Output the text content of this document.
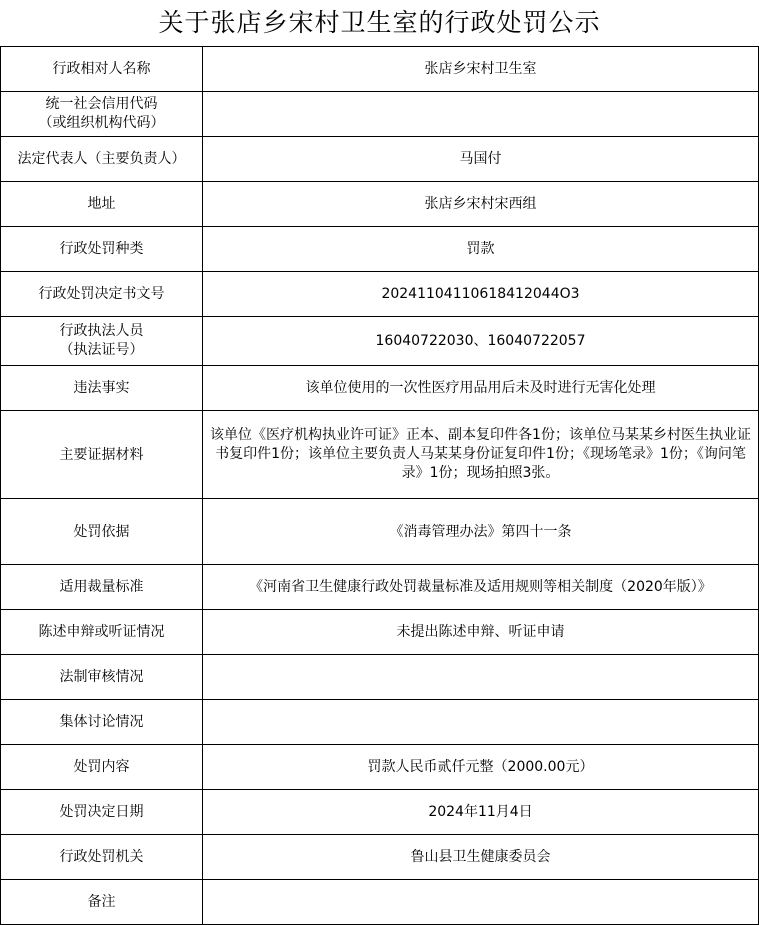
关于张店乡宋村卫生室的行政处罚公示
行政相对人名称	张店乡宋村卫生室
统一社会信用代码
（或组织机构代码）	
法定代表人（主要负责人）	马国付
地址	张店乡宋村宋西组
行政处罚种类	罚款
行政处罚决定书文号	20241104110618412044O3
行政执法人员
（执法证号）	16040722030、16040722057
违法事实	该单位使用的一次性医疗用品用后未及时进行无害化处理
主要证据材料	该单位《医疗机构执业许可证》正本、副本复印件各1份；该单位马某某乡村医生执业证书复印件1份；该单位主要负责人马某某身份证复印件1份；《现场笔录》1份；《询问笔录》1份；现场拍照3张。
处罚依据	《消毒管理办法》第四十一条
适用裁量标准	《河南省卫生健康行政处罚裁量标准及适用规则等相关制度（2020年版）》
陈述申辩或听证情况	未提出陈述申辩、听证申请
法制审核情况	
集体讨论情况	
处罚内容	罚款人民币贰仟元整（2000.00元）
处罚决定日期	2024年11月4日
行政处罚机关	鲁山县卫生健康委员会
备注	
